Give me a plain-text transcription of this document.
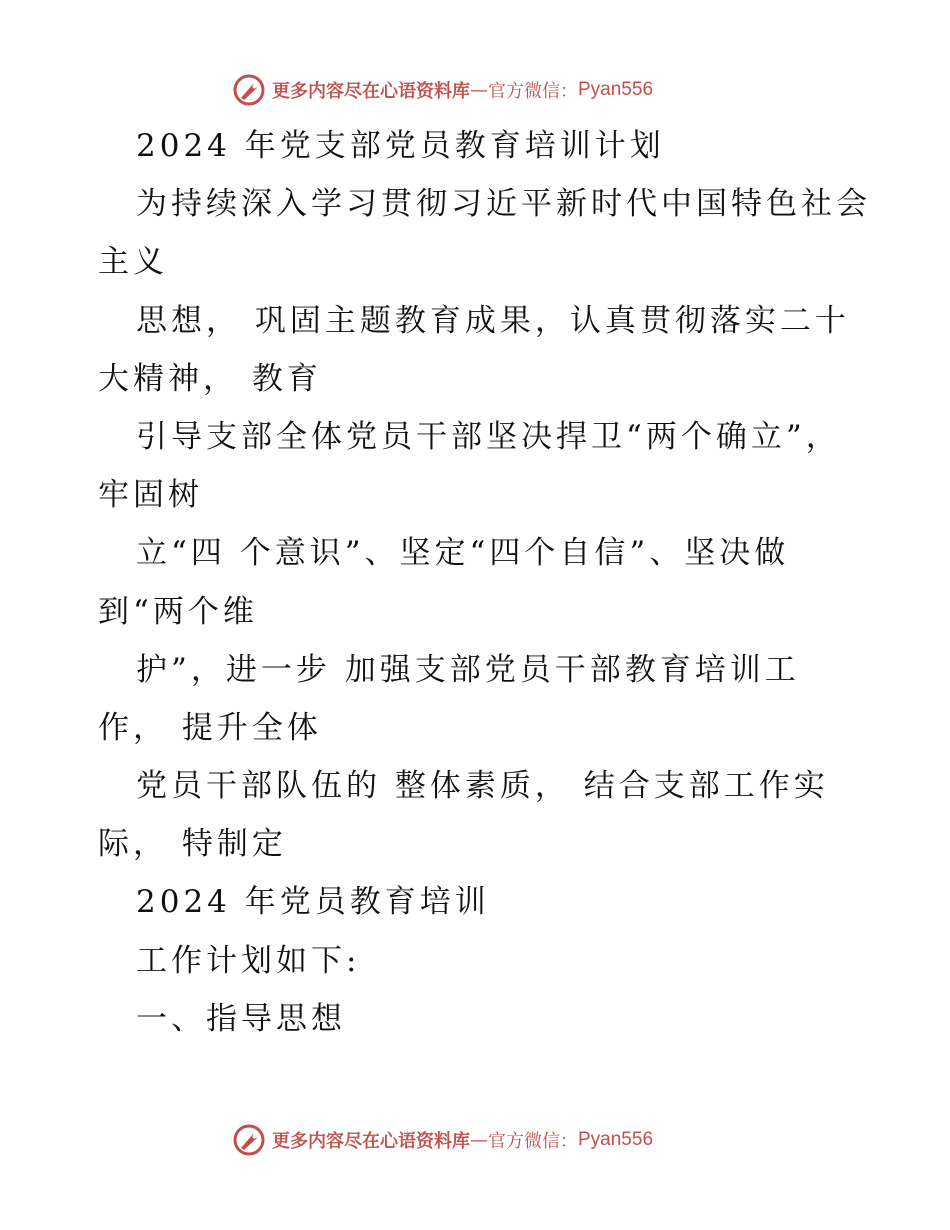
更多内容尽在心语资料库 — 官方微信： Pyan556
2024 年党支部党员教育培训计划
为持续深入学习贯彻习近平新时代中国特色社会
主义
思想， 巩固主题教育成果，认真贯彻落实二十
大精神， 教育
引导支部全体党员干部坚决捍卫“两个确立”，
牢固树
立“四 个意识”、坚定“四个自信”、坚决做
到“两个维
护”，进一步 加强支部党员干部教育培训工
作， 提升全体
党员干部队伍的 整体素质， 结合支部工作实
际， 特制定
2024 年党员教育培训
工作计划如下:
一、指导思想
更多内容尽在心语资料库 — 官方微信： Pyan556
